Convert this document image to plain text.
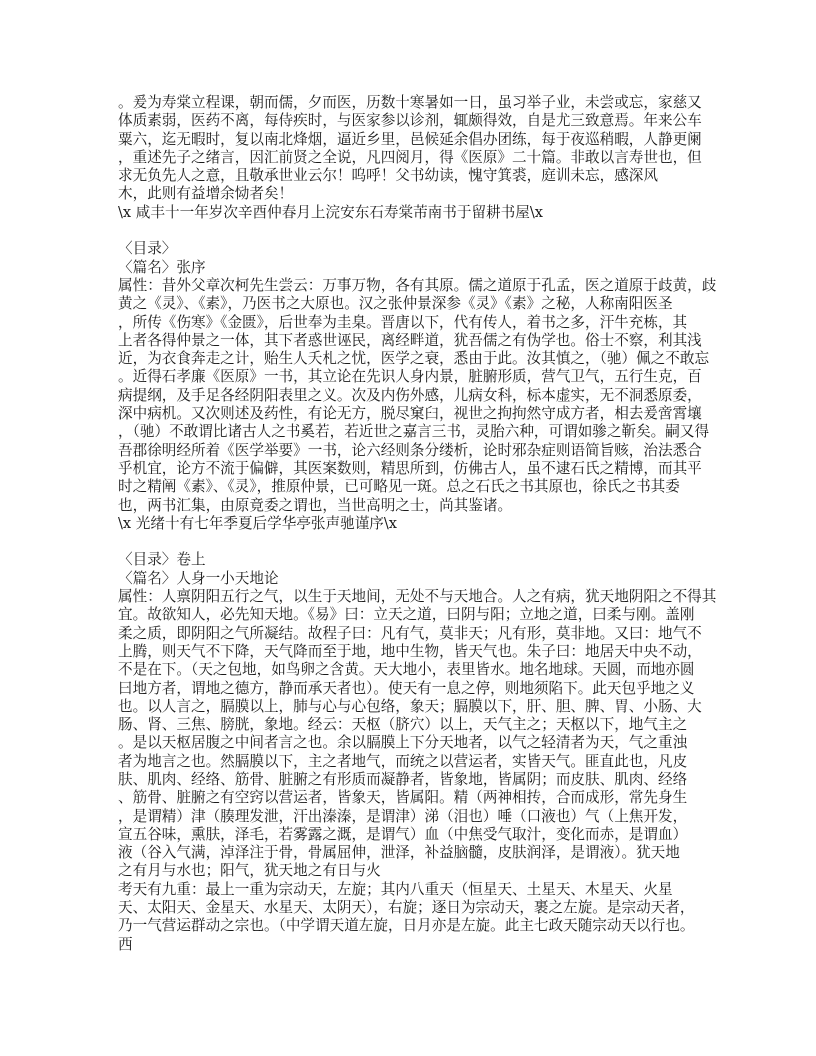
。爰为寿棠立程课，朝而儒，夕而医，历数十寒暑如一日，虽习举子业，未尝或忘，家慈又
体质素弱，医药不离，每侍疾时，与医家参以诊剂，辄颇得效，自是尤三致意焉。年来公车
粟六，迄无暇时，复以南北烽烟，逼近乡里，邑候延余倡办团练，每于夜巡稍暇，人静更阑
，重述先子之绪言，因汇前贤之全说，凡四阅月，得《医原》二十篇。非敢以言寿世也，但
求无负先人之意，且敬承世业云尔！呜呼！父书幼读，愧守箕裘，庭训未忘，感深风
木，此则有益增余恸者矣！
\x 咸丰十一年岁次辛酉仲春月上浣安东石寿棠芾南书于留耕书屋\x
〈目录〉
〈篇名〉张序
属性：昔外父章次柯先生尝云：万事万物，各有其原。儒之道原于孔孟，医之道原于歧黄，歧
黄之《灵》、《素》，乃医书之大原也。汉之张仲景深参《灵》《素》之秘，人称南阳医圣
，所传《伤寒》《金匮》，后世奉为圭臬。晋唐以下，代有传人，着书之多，汗牛充栋，其
上者各得仲景之一体，其下者惑世诬民，离经畔道，犹吾儒之有伪学也。俗士不察，利其浅
近，为衣食奔走之计，贻生人夭札之忧，医学之衰，悉由于此。汝其慎之，（驰）佩之不敢忘
。近得石孝廉《医原》一书，其立论在先识人身内景，脏腑形质，营气卫气，五行生克，百
病提纲，及手足各经阴阳表里之义。次及内伤外感，儿病女科，标本虚实，无不洞悉原委，
深中病机。又次则述及药性，有论无方，脱尽窠臼，视世之拘拘然守成方者，相去爰啻霄壤
，（驰）不敢谓比诸古人之书奚若，若近世之嘉言三书，灵胎六种，可谓如骖之靳矣。嗣又得
吾郡徐明经所着《医学举要》一书，论六经则条分缕析，论时邪杂症则语简旨赅，治法悉合
乎机宜，论方不流于偏僻，其医案数则，精思所到，仿佛古人，虽不逮石氏之精博，而其平
时之精阐《素》、《灵》，推原仲景，已可略见一斑。总之石氏之书其原也，徐氏之书其委
也，两书汇集，由原竟委之谓也，当世高明之士，尚其鉴诸。
\x 光绪十有七年季夏后学华亭张声驰谨序\x
〈目录〉卷上
〈篇名〉人身一小天地论
属性：人禀阴阳五行之气，以生于天地间，无处不与天地合。人之有病，犹天地阴阳之不得其
宜。故欲知人，必先知天地。《易》曰：立天之道，曰阴与阳；立地之道，曰柔与刚。盖刚
柔之质，即阴阳之气所凝结。故程子曰：凡有气，莫非天；凡有形，莫非地。又曰：地气不
上腾，则天气不下降，天气降而至于地，地中生物，皆天气也。朱子曰：地居天中央不动，
不是在下。（天之包地，如鸟卵之含黄。天大地小，表里皆水。地名地球。天圆，而地亦圆
曰地方者，谓地之德方，静而承天者也）。使天有一息之停，则地须陷下。此天包乎地之义
也。以人言之，膈膜以上，肺与心与心包络，象天；膈膜以下，肝、胆、脾、胃、小肠、大
肠、肾、三焦、膀胱，象地。经云：天枢（脐穴）以上，天气主之；天枢以下，地气主之
。是以天枢居腹之中间者言之也。余以膈膜上下分天地者，以气之轻清者为天，气之重浊
者为地言之也。然膈膜以下，主之者地气，而统之以营运者，实皆天气。匪直此也，凡皮
肤、肌肉、经络、筋骨、脏腑之有形质而凝静者，皆象地，皆属阴；而皮肤、肌肉、经络
、筋骨、脏腑之有空窍以营运者，皆象天，皆属阳。精（两神相抟，合而成形，常先身生
，是谓精）津（腠理发泄，汗出溱溱，是谓津）涕（泪也）唾（口液也）气（上焦开发，
宣五谷味，熏肤，泽毛，若雾露之溉，是谓气）血（中焦受气取汁，变化而赤，是谓血）
液（谷入气满，淖泽注于骨，骨属屈伸，泄泽，补益脑髓，皮肤润泽，是谓液）。犹天地
之有月与水也；阳气，犹天地之有日与火
考天有九重：最上一重为宗动天，左旋；其内八重天（恒星天、土星天、木星天、火星
天、太阳天、金星天、水星天、太阴天），右旋；逐日为宗动天，裹之左旋。是宗动天者，
乃一气营运群动之宗也。（中学谓天道左旋，日月亦是左旋。此主七政天随宗动天以行也。
西
